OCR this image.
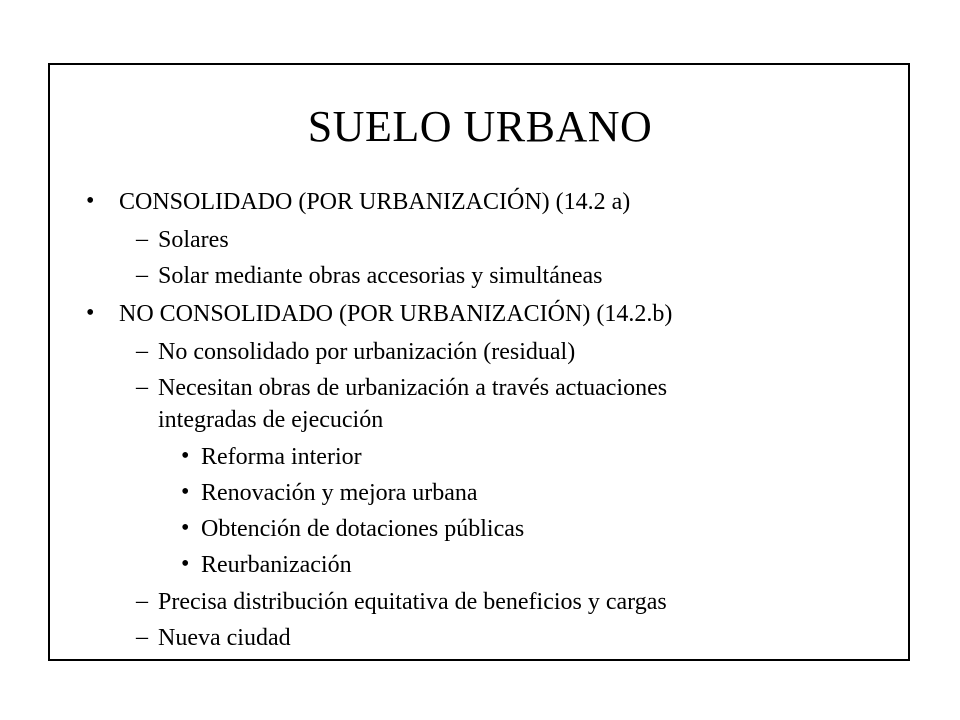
SUELO URBANO
• CONSOLIDADO (POR URBANIZACIÓN) (14.2 a)
– Solares
– Solar mediante obras accesorias y simultáneas
• NO CONSOLIDADO (POR URBANIZACIÓN) (14.2.b)
– No consolidado por urbanización (residual)
– Necesitan obras de urbanización a través actuaciones
integradas de ejecución
• Reforma interior
• Renovación y mejora urbana
• Obtención de dotaciones públicas
• Reurbanización
– Precisa distribución equitativa de beneficios y cargas
– Nueva ciudad
